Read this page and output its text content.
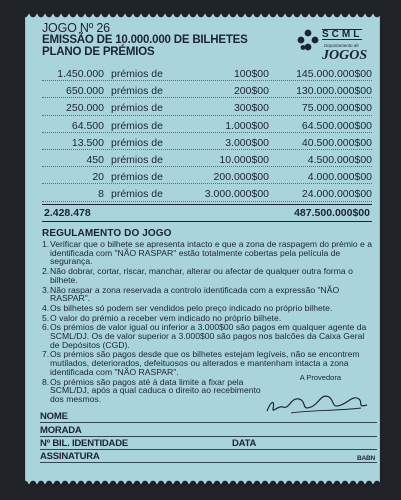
JOGO Nº 26
EMISSÃO DE 10.000.000 DE BILHETES
PLANO DE PRÉMIOS
SCML
Departamento de
JOGOS
1.450.000 prémios de	100$00	145.000.000$00
650.000 prémios de	200$00	130.000.000$00
250.000 prémios de	300$00	75.000.000$00
64.500 prémios de	1.000$00	64.500.000$00
13.500 prémios de	3.000$00	40.500.000$00
450 prémios de	10.000$00	4.500.000$00
20 prémios de	200.000$00	4.000.000$00
8 prémios de	3.000.000$00	24.000.000$00
2.428.478	487.500.000$00
REGULAMENTO DO JOGO
1. Verificar que o bilhete se apresenta intacto e que a zona de raspagem do prémio e a identificada com "NÃO RASPAR" estão totalmente cobertas pela película de segurança.
2. Não dobrar, cortar, riscar, manchar, alterar ou afectar de qualquer outra forma o bilhete.
3. Não raspar a zona reservada a controlo identificada com a expressão "NÃO RASPAR".
4. Os bilhetes só podem ser vendidos pelo preço indicado no próprio bilhete.
5. O valor do prémio a receber vem indicado no próprio bilhete.
6. Os prémios de valor igual ou inferior a 3.000$00 são pagos em qualquer agente da SCML/DJ. Os de valor superior a 3.000$00 são pagos nos balcões da Caixa Geral de Depósitos (CGD).
7. Os prémios são pagos desde que os bilhetes estejam legíveis, não se encontrem mutilados, deteriorados, defeituosos ou alterados e mantenham intacta a zona identificada com "NÃO RASPAR".
8. Os prémios são pagos até à data limite a fixar pela SCML/DJ, após a qual caduca o direito ao recebimento dos mesmos.
A Provedora
NOME
MORADA
Nº BIL. IDENTIDADE	DATA
ASSINATURA	BABN
